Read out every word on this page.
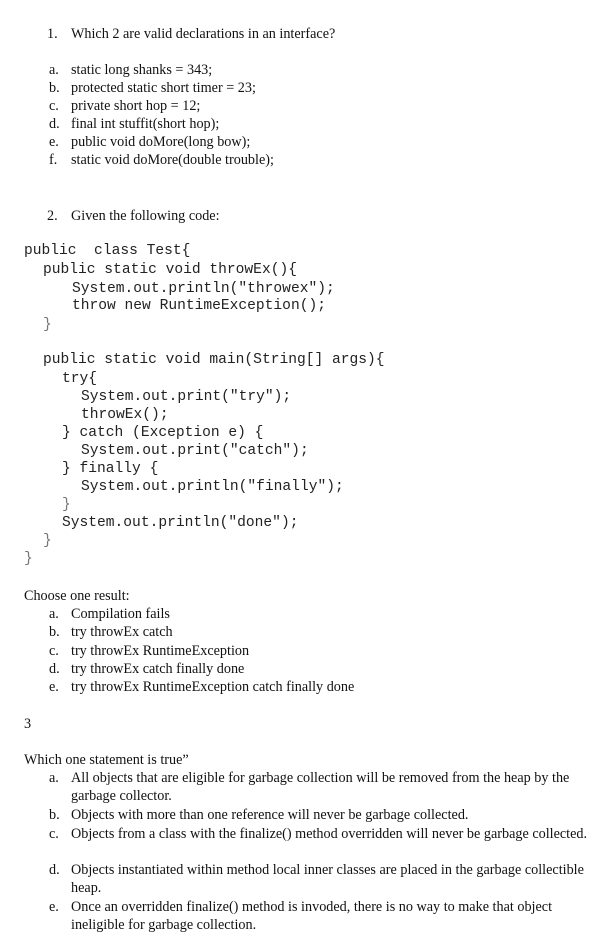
1. Which 2 are valid declarations in an interface?
a. static long shanks = 343;
b. protected static short timer = 23;
c. private short hop = 12;
d. final int stuffit(short hop);
e. public void doMore(long bow);
f. static void doMore(double trouble);
2. Given the following code:
public  class Test{
public static void throwEx(){
System.out.println("throwex");
throw new RuntimeException();
}
public static void main(String[] args){
try{
System.out.print("try");
throwEx();
} catch (Exception e) {
System.out.print("catch");
} finally {
System.out.println("finally");
}
System.out.println("done");
}
}
Choose one result:
a. Compilation fails
b. try throwEx catch
c. try throwEx RuntimeException
d. try throwEx catch finally done
e. try throwEx RuntimeException catch finally done
3
Which one statement is true”
a. All objects that are eligible for garbage collection will be removed from the heap by the garbage collector.
b. Objects with more than one reference will never be garbage collected.
c. Objects from a class with the finalize() method overridden will never be garbage collected.
d. Objects instantiated within method local inner classes are placed in the garbage collectible heap.
e. Once an overridden finalize() method is invoded, there is no way to make that object ineligible for garbage collection.
